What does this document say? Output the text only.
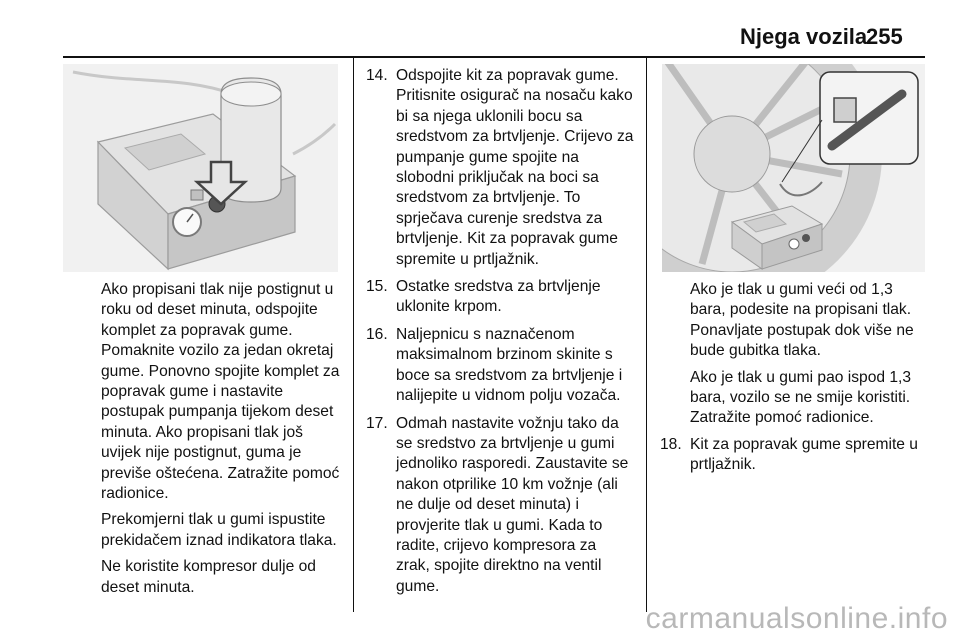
Njega vozila
255

Ako propisani tlak nije postignut u roku od deset minuta, odspojite komplet za popravak gume. Pomaknite vozilo za jedan okretaj gume. Ponovno spojite komplet za popravak gume i nastavite postupak pumpanja tijekom deset minuta. Ako propisani tlak još uvijek nije postignut, guma je previše oštećena. Zatražite pomoć radionice.

Prekomjerni tlak u gumi ispustite prekidačem iznad indikatora tlaka.

Ne koristite kompresor dulje od deset minuta.

14. Odspojite kit za popravak gume. Pritisnite osigurač na nosaču kako bi sa njega uklonili bocu sa sredstvom za brtvljenje. Crijevo za pumpanje gume spojite na slobodni priključak na boci sa sredstvom za brtvljenje. To sprječava curenje sredstva za brtvljenje. Kit za popravak gume spremite u prtljažnik.
15. Ostatke sredstva za brtvljenje uklonite krpom.
16. Naljepnicu s naznačenom maksimalnom brzinom skinite s boce sa sredstvom za brtvljenje i nalijepite u vidnom polju vozača.
17. Odmah nastavite vožnju tako da se sredstvo za brtvljenje u gumi jednoliko rasporedi. Zaustavite se nakon otprilike 10 km vožnje (ali ne dulje od deset minuta) i provjerite tlak u gumi. Kada to radite, crijevo kompresora za zrak, spojite direktno na ventil gume.

Ako je tlak u gumi veći od 1,3 bara, podesite na propisani tlak. Ponavljate postupak dok više ne bude gubitka tlaka.

Ako je tlak u gumi pao ispod 1,3 bara, vozilo se ne smije koristiti. Zatražite pomoć radionice.

18. Kit za popravak gume spremite u prtljažnik.
carmanualsonline.info
